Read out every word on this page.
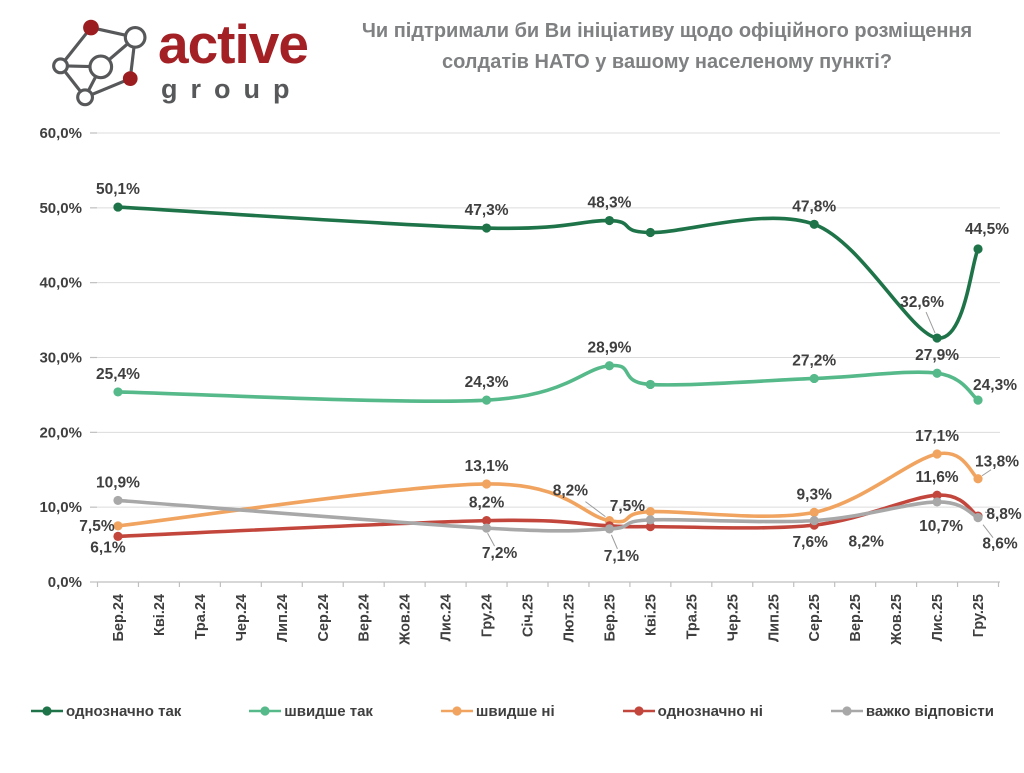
0,0%
10,0%
20,0%
30,0%
40,0%
50,0%
60,0%
Бер.24 Кві.24 Тра.24 Чер.24 Лип.24 Сер.24 Вер.24 Жов.24 Лис.24 Гру.24 Січ.25 Лют.25 Бер.25 Кві.25 Тра.25 Чер.25 Лип.25 Сер.25 Вер.25 Жов.25 Лис.25 Гру.25
50,1%
47,3%	48,3%	47,8%
32,6%
44,5%
25,4%	24,3%
28,9%
27,2%	27,9%
24,3%
7,5%
13,1%
8,2%	9,3%
17,1%
13,8%
6,1%
8,2%	7,5%
7,6%
11,6%
8,8%
10,9%
7,2%	7,1%
8,2%
10,7%
8,6%
active
group
Чи підтримали би Ви ініціативу щодо офіційного розміщення солдатів НАТО у вашому населеному пункті?
однозначно так	швидше так	швидше ні	однозначно ні	важко відповісти
